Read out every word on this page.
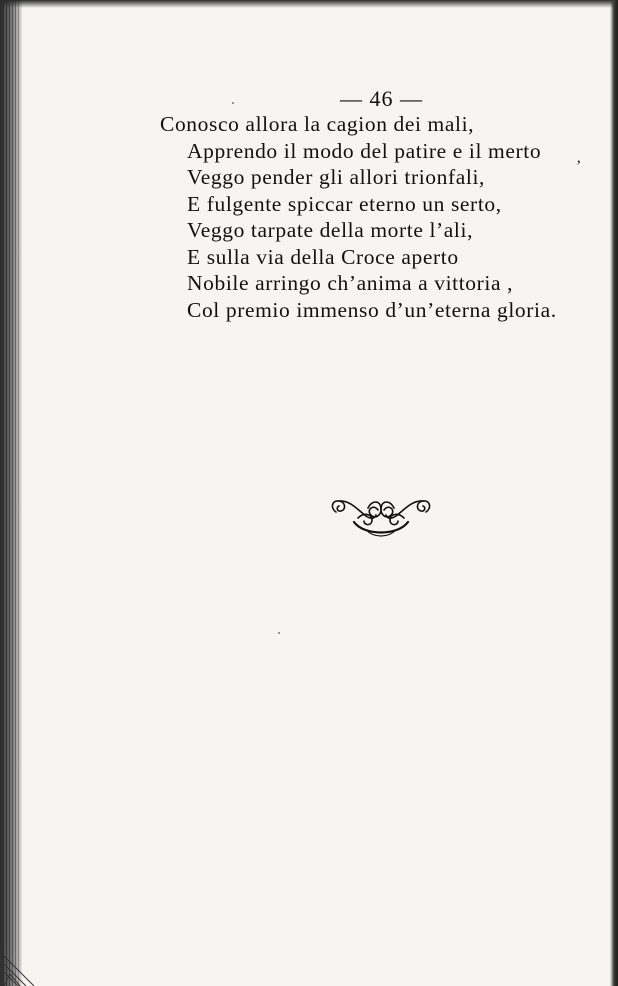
— 46 —
Conosco allora la cagion dei mali,
Apprendo il modo del patire e il merto
Veggo pender gli allori trionfali,
E fulgente spiccar eterno un serto,
Veggo tarpate della morte l’ali,
E sulla via della Croce aperto
Nobile arringo ch’anima a vittoria ,
Col premio immenso d’un’eterna gloria.
’
